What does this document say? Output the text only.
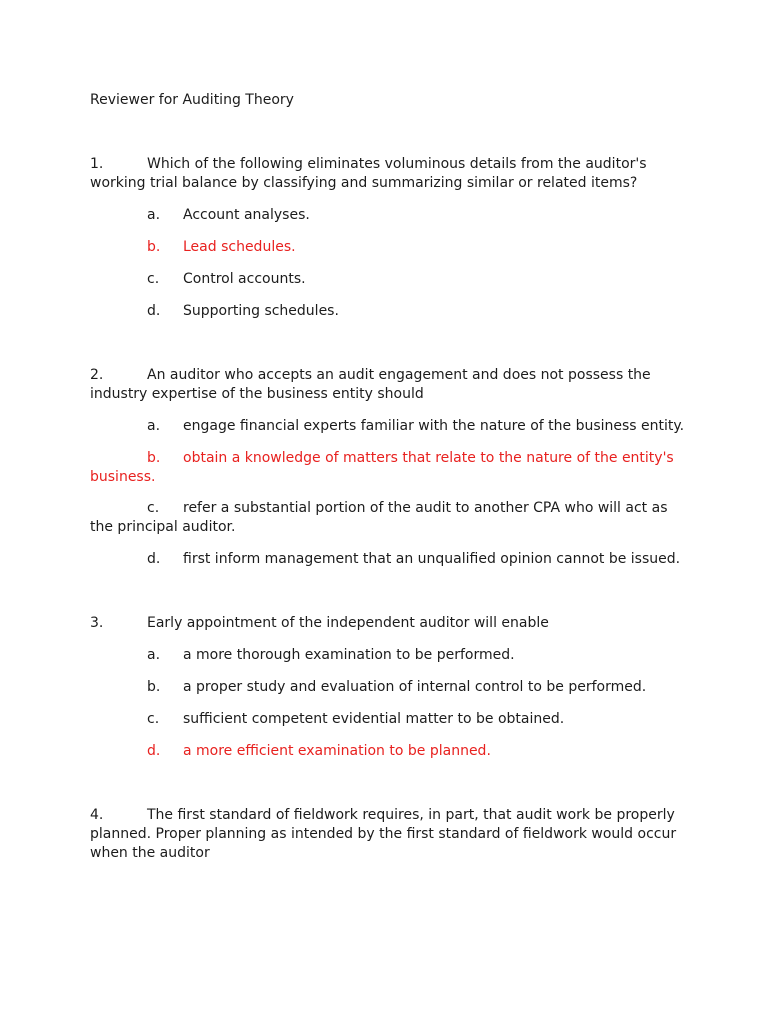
Reviewer for Auditing Theory
1.	Which of the following eliminates voluminous details from the auditor's working trial balance by classifying and summarizing similar or related items?
a. Account analyses.
b. Lead schedules.
c. Control accounts.
d. Supporting schedules.
2.	An auditor who accepts an audit engagement and does not possess the industry expertise of the business entity should
a. engage financial experts familiar with the nature of the business entity.
b. obtain a knowledge of matters that relate to the nature of the entity's business.
c. refer a substantial portion of the audit to another CPA who will act as the principal auditor.
d. first inform management that an unqualified opinion cannot be issued.
3.	Early appointment of the independent auditor will enable
a. a more thorough examination to be performed.
b. a proper study and evaluation of internal control to be performed.
c. sufficient competent evidential matter to be obtained.
d. a more efficient examination to be planned.
4.	The first standard of fieldwork requires, in part, that audit work be properly planned. Proper planning as intended by the first standard of fieldwork would occur when the auditor
